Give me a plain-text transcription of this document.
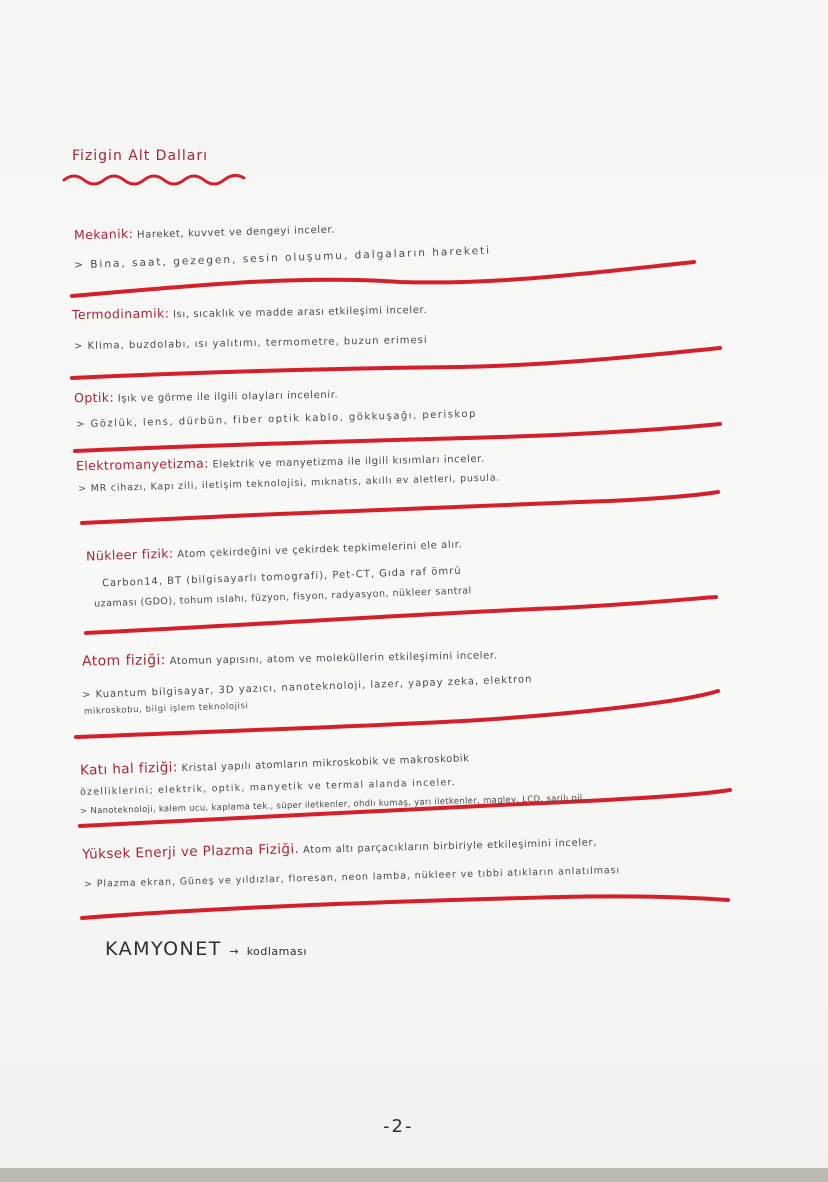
Fizigin Alt Dalları
Mekanik: Hareket, kuvvet ve dengeyi inceler.
> Bina, saat, gezegen, sesin oluşumu, dalgaların hareketi
Termodinamik: Isı, sıcaklık ve madde arası etkileşimi inceler.
> Klima, buzdolabı, ısı yalıtımı, termometre, buzun erimesi
Optik: Işık ve görme ile ilgili olayları incelenir.
> Gözlük, lens, dürbün, fiber optik kablo, gökkuşağı, periskop
Elektromanyetizma: Elektrik ve manyetizma ile ilgili kısımları inceler.
> MR cihazı, Kapı zili, iletişim teknolojisi, mıknatıs, akıllı ev aletleri, pusula.
Nükleer fizik: Atom çekirdeğini ve çekirdek tepkimelerini ele alır.
Carbon14, BT (bilgisayarlı tomografi), Pet-CT, Gıda raf ömrü
uzaması (GDO), tohum ıslahı, füzyon, fisyon, radyasyon, nükleer santral
Atom fiziği: Atomun yapısını, atom ve moleküllerin etkileşimini inceler.
> Kuantum bilgisayar, 3D yazıcı, nanoteknoloji, lazer, yapay zeka, elektron
mikroskobu, bilgi işlem teknolojisi
Katı hal fiziği: Kristal yapılı atomların mikroskobik ve makroskobik
özelliklerini; elektrik, optik, manyetik ve termal alanda inceler.
> Nanoteknoloji, kalem ucu, kaplama tek., süper iletkenler, ohdlı kumaş, yarı iletkenler, maglev, LCD, şarjlı pil
Yüksek Enerji ve Plazma Fiziği. Atom altı parçacıkların birbiriyle etkileşimini inceler,
> Plazma ekran, Güneş ve yıldızlar, floresan, neon lamba, nükleer ve tıbbi atıkların anlatılması
KAMYONET → kodlaması
-2-
